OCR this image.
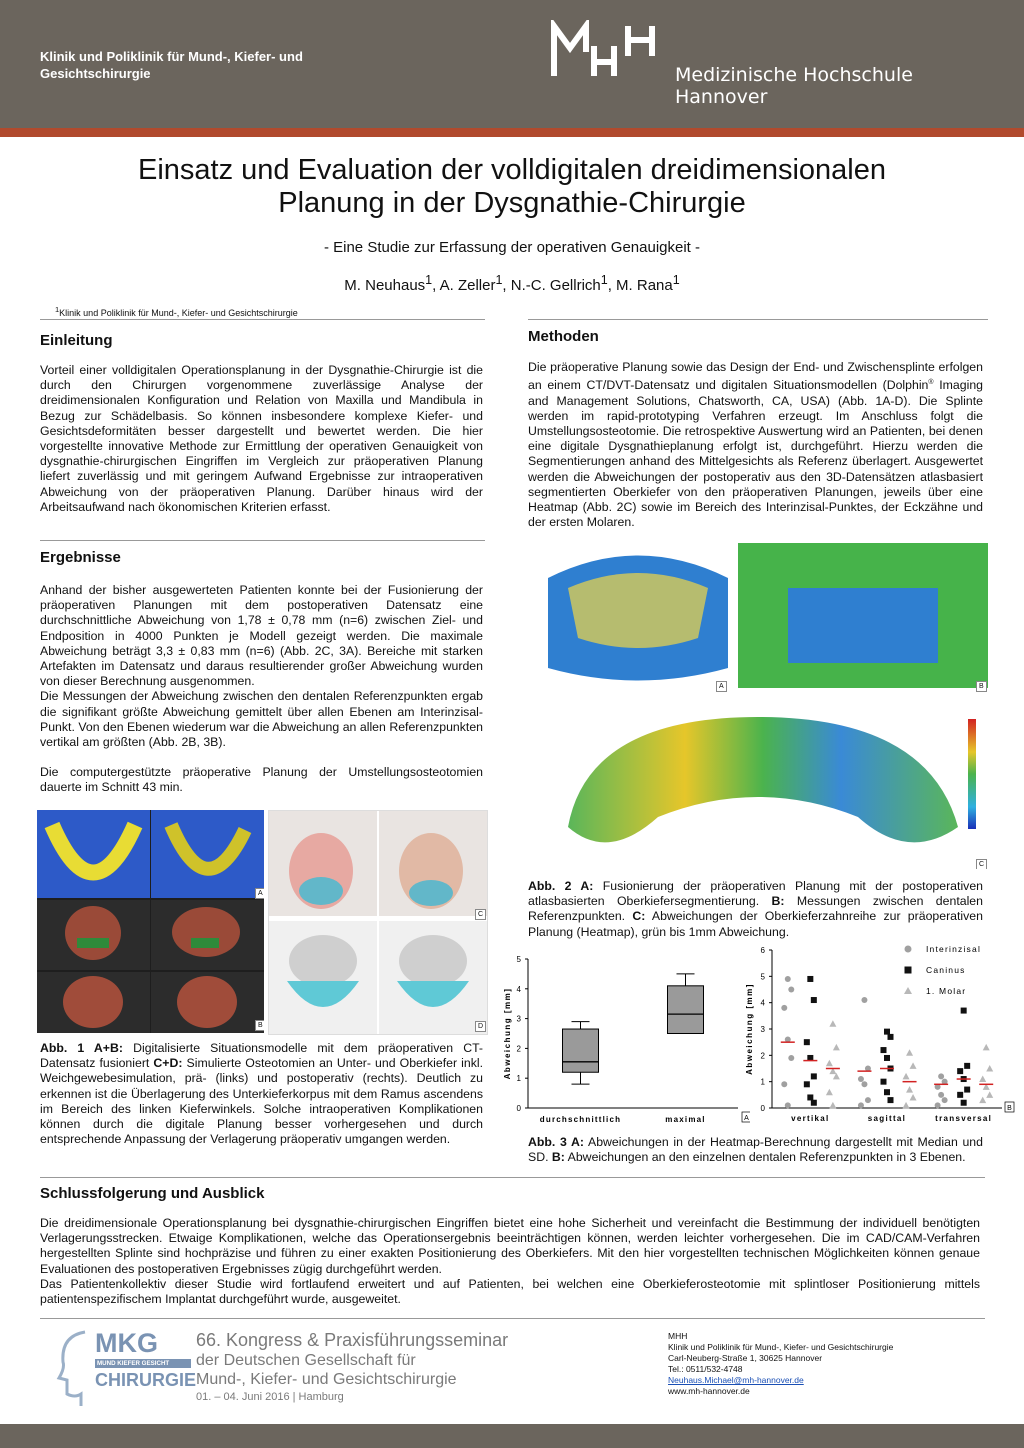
Klinik und Poliklinik für Mund-, Kiefer- und Gesichtschirurgie	Medizinische Hochschule
Hannover
Einsatz und Evaluation der volldigitalen dreidimensionalen
Planung in der Dysgnathie-Chirurgie
- Eine Studie zur Erfassung der operativen Genauigkeit -
M. Neuhaus$^1$, A. Zeller$^1$, N.-C. Gellrich$^1$, M. Rana$^1$
$^1$Klinik und Poliklinik für Mund-, Kiefer- und Gesichtschirurgie
Einleitung
Vorteil einer volldigitalen Operationsplanung in der Dysgnathie-Chirurgie ist die durch den Chirurgen vorgenommene zuverlässige Analyse der dreidimensionalen Konfiguration und Relation von Maxilla und Mandibula in Bezug zur Schädelbasis. So können insbesondere komplexe Kiefer- und Gesichtsdeformitäten besser dargestellt und bewertet werden. Die hier vorgestellte innovative Methode zur Ermittlung der operativen Genauigkeit von dysgnathie-chirurgischen Eingriffen im Vergleich zur präoperativen Planung liefert zuverlässig und mit geringem Aufwand Ergebnisse zur intraoperativen Abweichung von der präoperativen Planung. Darüber hinaus wird der Arbeitsaufwand nach ökonomischen Kriterien erfasst.
Methoden
Die präoperative Planung sowie das Design der End- und Zwischensplinte erfolgen an einem CT/DVT-Datensatz und digitalen Situationsmodellen (Dolphin® Imaging and Management Solutions, Chatsworth, CA, USA) (Abb. 1A-D). Die Splinte werden im rapid-prototyping Verfahren erzeugt. Im Anschluss folgt die Umstellungsosteotomie. Die retrospektive Auswertung wird an Patienten, bei denen eine digitale Dysgnathieplanung erfolgt ist, durchgeführt. Hierzu werden die Segmentierungen anhand des Mittelgesichts als Referenz überlagert. Ausgewertet werden die Abweichungen der postoperativ aus den 3D-Datensätzen atlasbasiert segmentierten Oberkiefer von den präoperativen Planungen, jeweils über eine Heatmap (Abb. 2C) sowie im Bereich des Interinzisal-Punktes, der Eckzähne und der ersten Molaren.
Ergebnisse
Anhand der bisher ausgewerteten Patienten konnte bei der Fusionierung der präoperativen Planungen mit dem postoperativen Datensatz eine durchschnittliche Abweichung von 1,78 ± 0,78 mm (n=6) zwischen Ziel- und Endposition in 4000 Punkten je Modell gezeigt werden. Die maximale Abweichung beträgt 3,3 ± 0,83 mm (n=6) (Abb. 2C, 3A). Bereiche mit starken Artefakten im Datensatz und daraus resultierender großer Abweichung wurden von dieser Berechnung ausgenommen.
Die Messungen der Abweichung zwischen den dentalen Referenzpunkten ergab die signifikant größte Abweichung gemittelt über allen Ebenen am Interinzisal-Punkt. Von den Ebenen wiederum war die Abweichung an allen Referenzpunkten vertikal am größten (Abb. 2B, 3B).
Die computergestützte präoperative Planung der Umstellungsosteotomien dauerte im Schnitt 43 min.
A
B
C
D
Abb. 1 A+B: Digitalisierte Situationsmodelle mit dem präoperativen CT-Datensatz fusioniert C+D: Simulierte Osteotomien an Unter- und Oberkiefer inkl. Weichgewebesimulation, prä- (links) und postoperativ (rechts). Deutlich zu erkennen ist die Überlagerung des Unterkieferkorpus mit dem Ramus ascendens im Bereich des linken Kieferwinkels. Solche intraoperativen Komplikationen können durch die digitale Planung besser vorhergesehen und durch entsprechende Anpassung der Verlagerung präoperativ umgangen werden.
A	B
C
Abb. 2 A: Fusionierung der präoperativen Planung mit der postoperativen atlasbasierten Oberkiefersegmentierung. B: Messungen zwischen dentalen Referenzpunkten. C: Abweichungen der Oberkieferzahnreihe zur präoperativen Planung (Heatmap), grün bis 1mm Abweichung.
0
1
2
3
4
5
Abweichung [mm]
durchschnittlich	maximal	A
0
1
2
3
4
5
6
Abweichung [mm]
vertikal	sagittal	transversal
Interinzisal
Caninus
1. Molar
B
Abb. 3 A: Abweichungen in der Heatmap-Berechnung dargestellt mit Median und SD. B: Abweichungen an den einzelnen dentalen Referenzpunkten in 3 Ebenen.
Schlussfolgerung und Ausblick
Die dreidimensionale Operationsplanung bei dysgnathie-chirurgischen Eingriffen bietet eine hohe Sicherheit und vereinfacht die Bestimmung der individuell benötigten Verlagerungsstrecken. Etwaige Komplikationen, welche das Operationsergebnis beeinträchtigen können, werden leichter vorhergesehen. Die im CAD/CAM-Verfahren hergestellten Splinte sind hochpräzise und führen zu einer exakten Positionierung des Oberkiefers. Mit den hier vorgestellten technischen Möglichkeiten können genaue Evaluationen des postoperativen Ergebnisses zügig durchgeführt werden.
Das Patientenkollektiv dieser Studie wird fortlaufend erweitert und auf Patienten, bei welchen eine Oberkieferosteotomie mit splintloser Positionierung mittels patientenspezifischem Implantat durchgeführt wurde, ausgeweitet.
MKG
MUND KIEFER GESICHT
CHIRURGIE
66. Kongress & Praxisführungsseminar
der Deutschen Gesellschaft für
Mund-, Kiefer- und Gesichtschirurgie
01. – 04. Juni 2016 | Hamburg
MHH
Klinik und Poliklinik für Mund-, Kiefer- und Gesichtschirurgie
Carl-Neuberg-Straße 1, 30625 Hannover
Tel.: 0511/532-4748
Neuhaus.Michael@mh-hannover.de
www.mh-hannover.de
